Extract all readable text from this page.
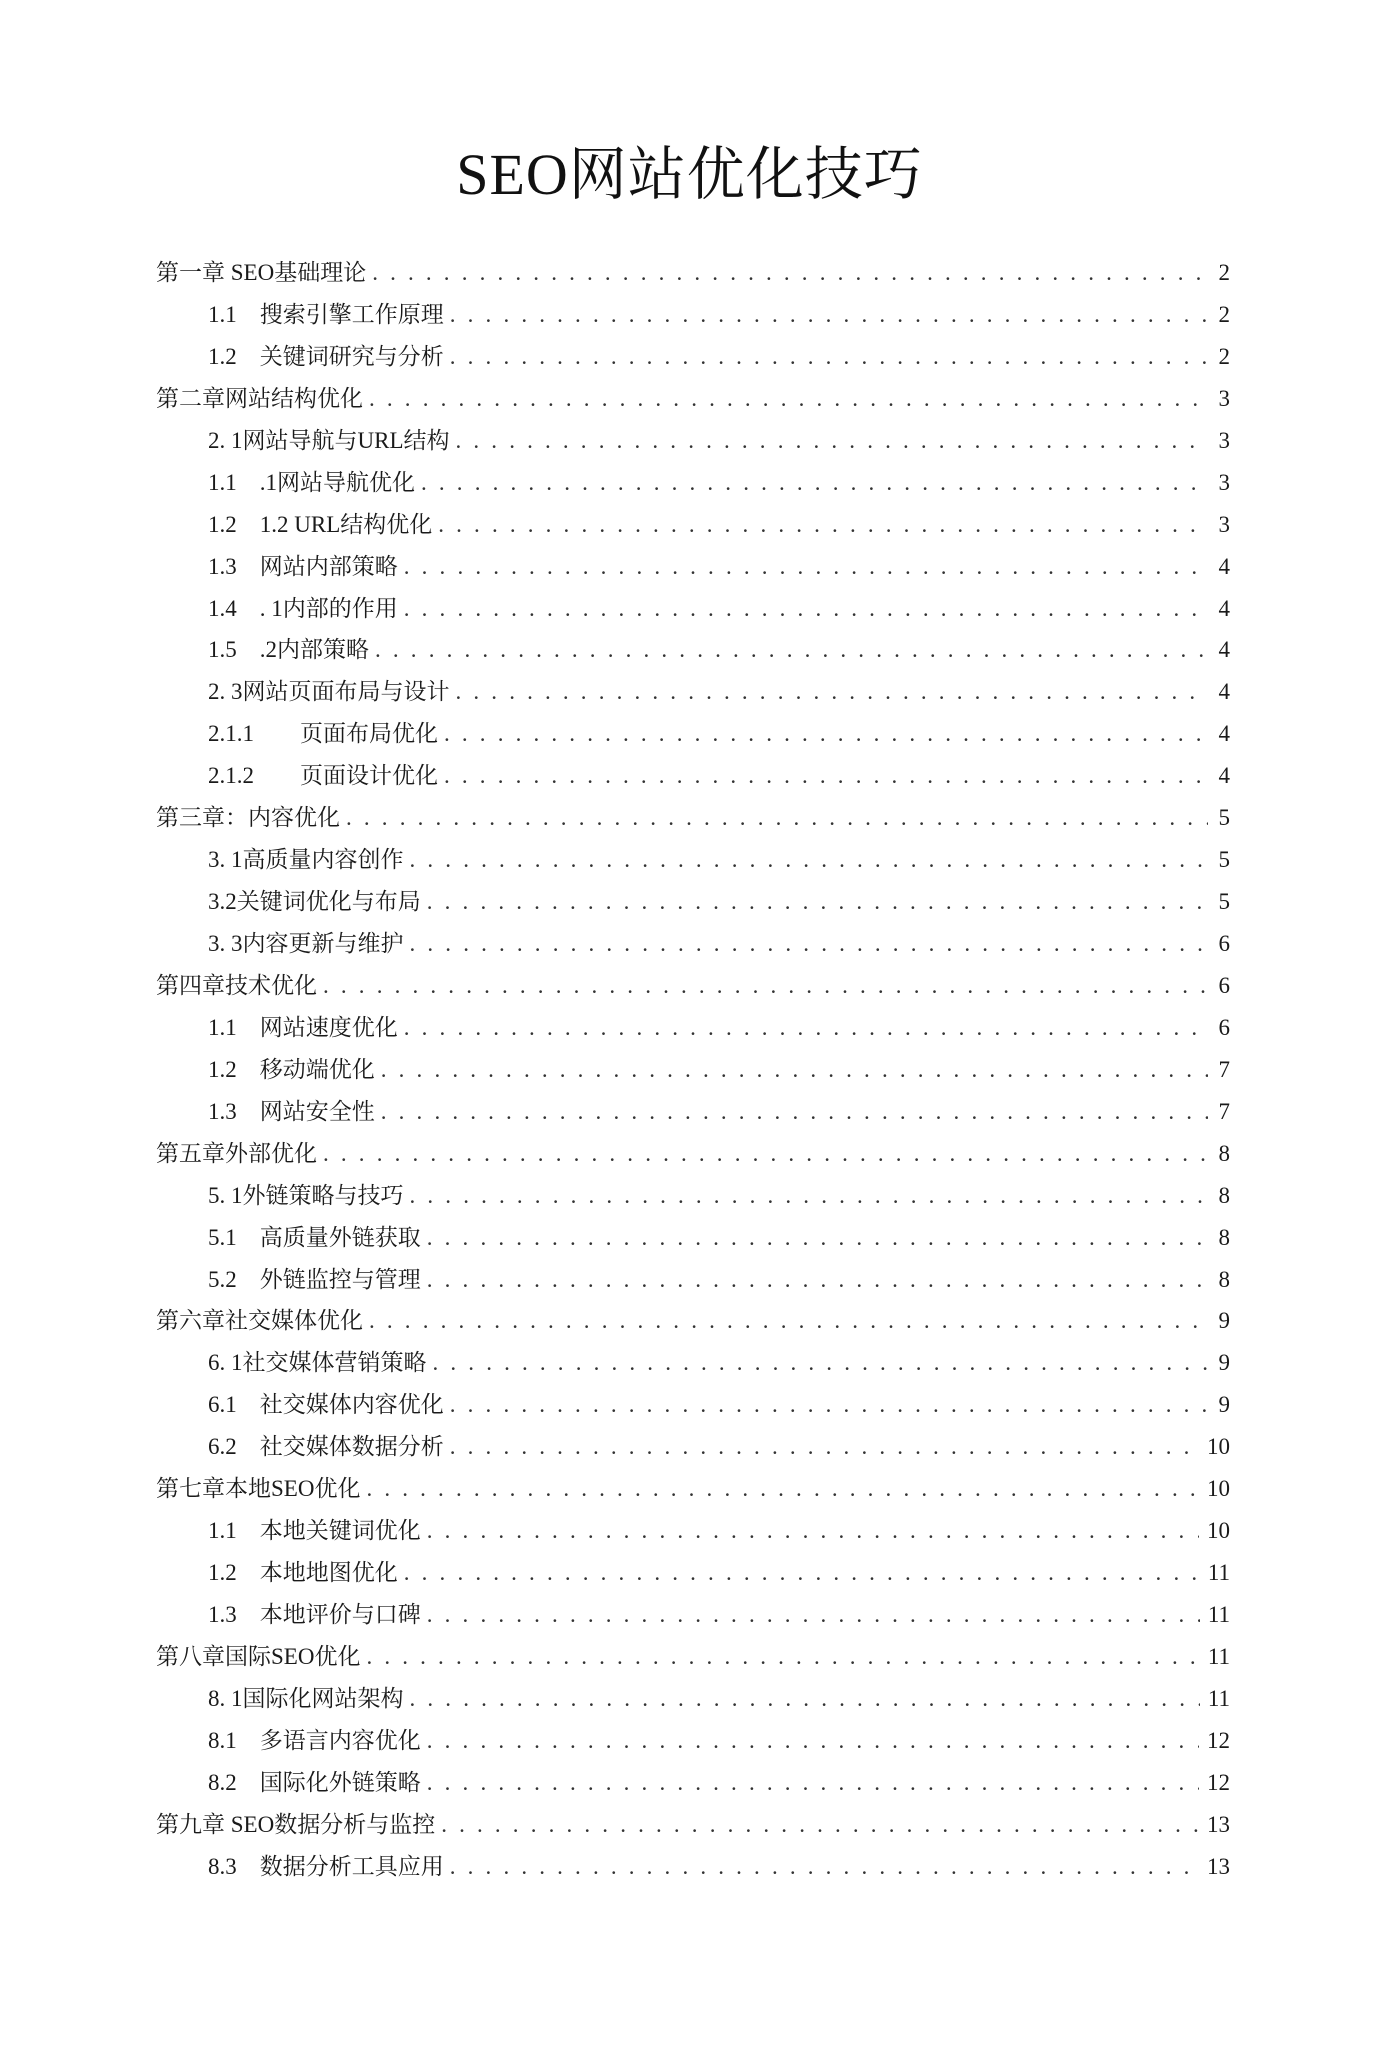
SEO网站优化技巧
第一章 SEO基础理论 . . .	2
1.1　搜索引擎工作原理 . . .	2
1.2　关键词研究与分析 . . .	2
第二章网站结构优化 . . .	3
2. 1网站导航与URL结构 . . .	3
1.1　.1网站导航优化 . . .	3
1.2　1.2 URL结构优化 . . .	3
1.3　网站内部策略 . . .	4
1.4　. 1内部的作用 . . .	4
1.5　.2内部策略 . . .	4
2. 3网站页面布局与设计 . . .	4
2.1.1　　页面布局优化 . . .	4
2.1.2　　页面设计优化 . . .	4
第三章：内容优化 . . .	5
3. 1高质量内容创作 . . .	5
3.2关键词优化与布局 . . .	5
3. 3内容更新与维护 . . .	6
第四章技术优化 . . .	6
1.1　网站速度优化 . . .	6
1.2　移动端优化 . . .	7
1.3　网站安全性 . . .	7
第五章外部优化 . . .	8
5. 1外链策略与技巧 . . .	8
5.1　高质量外链获取 . . .	8
5.2　外链监控与管理 . . .	8
第六章社交媒体优化 . . .	9
6. 1社交媒体营销策略 . . .	9
6.1　社交媒体内容优化 . . .	9
6.2　社交媒体数据分析 . . .	10
第七章本地SEO优化 . . .	10
1.1　本地关键词优化 . . .	10
1.2　本地地图优化 . . .	11
1.3　本地评价与口碑 . . .	11
第八章国际SEO优化 . . .	11
8. 1国际化网站架构 . . .	11
8.1　多语言内容优化 . . .	12
8.2　国际化外链策略 . . .	12
第九章 SEO数据分析与监控 . . .	13
8.3　数据分析工具应用 . . .	13
